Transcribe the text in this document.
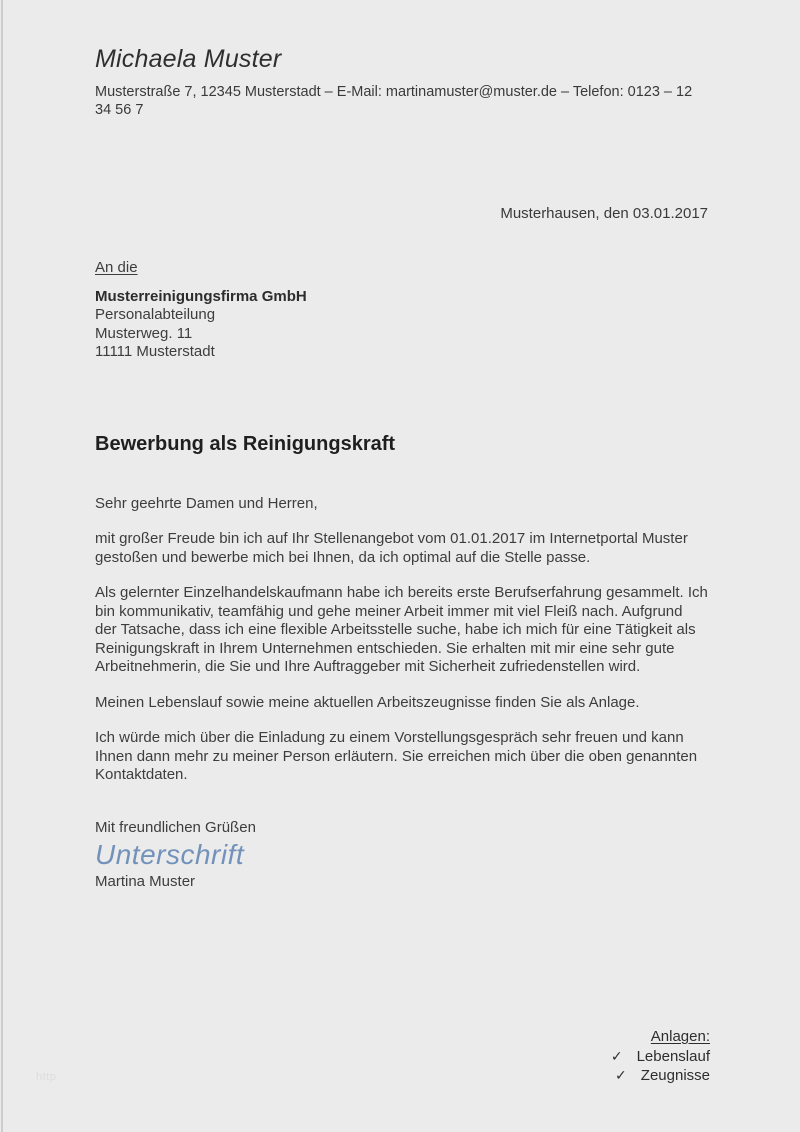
Michaela Muster
Musterstraße 7, 12345 Musterstadt – E-Mail: martinamuster@muster.de – Telefon: 0123 – 12 34 56 7
Musterhausen, den 03.01.2017
An die
Musterreinigungsfirma GmbH
Personalabteilung
Musterweg. 11
11111 Musterstadt
Bewerbung als Reinigungskraft

Sehr geehrte Damen und Herren,

mit großer Freude bin ich auf Ihr Stellenangebot vom 01.01.2017 im Internetportal Muster gestoßen und bewerbe mich bei Ihnen, da ich optimal auf die Stelle passe.

Als gelernter Einzelhandelskaufmann habe ich bereits erste Berufserfahrung gesammelt. Ich bin kommunikativ, teamfähig und gehe meiner Arbeit immer mit viel Fleiß nach. Aufgrund der Tatsache, dass ich eine flexible Arbeitsstelle suche, habe ich mich für eine Tätigkeit als Reinigungskraft in Ihrem Unternehmen entschieden. Sie erhalten mit mir eine sehr gute Arbeitnehmerin, die Sie und Ihre Auftraggeber mit Sicherheit zufriedenstellen wird.

Meinen Lebenslauf sowie meine aktuellen Arbeitszeugnisse finden Sie als Anlage.

Ich würde mich über die Einladung zu einem Vorstellungsgespräch sehr freuen und kann Ihnen dann mehr zu meiner Person erläutern. Sie erreichen mich über die oben genannten Kontaktdaten.

Mit freundlichen Grüßen
Unterschrift
Martina Muster
Anlagen:
✓ Lebenslauf
✓ Zeugnisse
http
